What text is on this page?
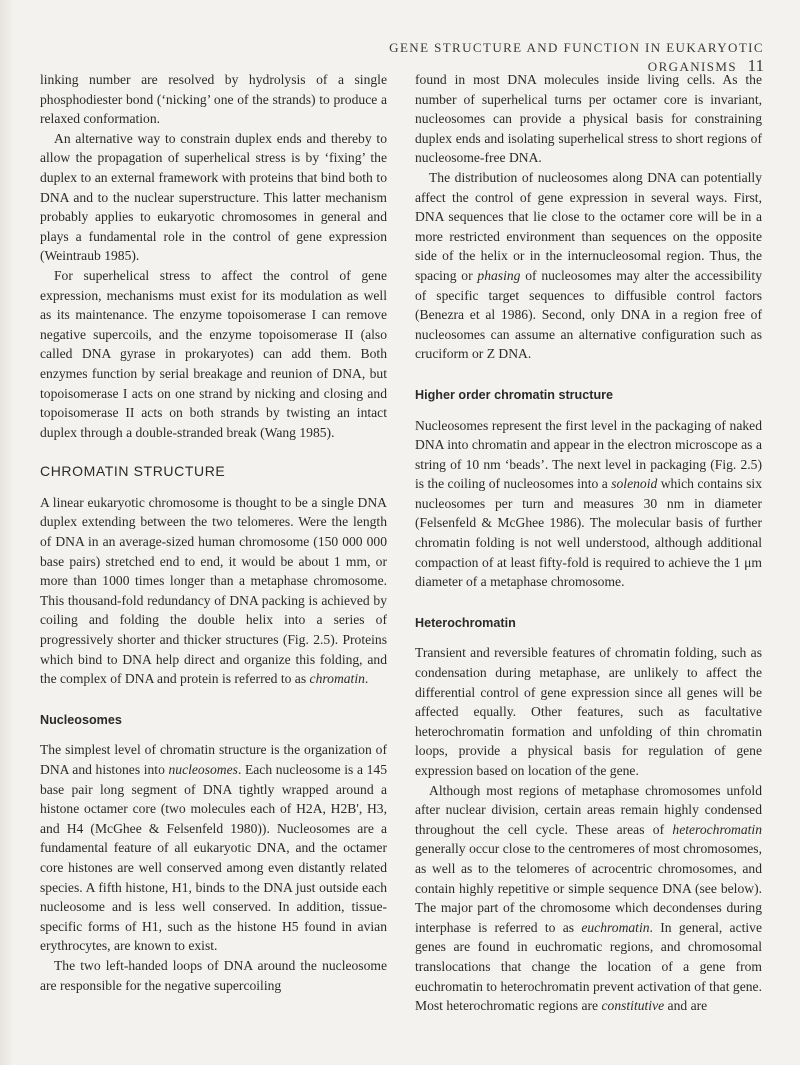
GENE STRUCTURE AND FUNCTION IN EUKARYOTIC ORGANISMS 11

linking number are resolved by hydrolysis of a single phosphodiester bond (‘nicking’ one of the strands) to produce a relaxed conformation.

An alternative way to constrain duplex ends and thereby to allow the propagation of superhelical stress is by ‘fixing’ the duplex to an external framework with proteins that bind both to DNA and to the nuclear superstructure. This latter mechanism probably applies to eukaryotic chromosomes in general and plays a fundamental role in the control of gene expression (Weintraub 1985).

For superhelical stress to affect the control of gene expression, mechanisms must exist for its modulation as well as its maintenance. The enzyme topoisomerase I can remove negative supercoils, and the enzyme topoisomerase II (also called DNA gyrase in prokaryotes) can add them. Both enzymes function by serial breakage and reunion of DNA, but topoisomerase I acts on one strand by nicking and closing and topoisomerase II acts on both strands by twisting an intact duplex through a double-stranded break (Wang 1985).

CHROMATIN STRUCTURE

A linear eukaryotic chromosome is thought to be a single DNA duplex extending between the two telomeres. Were the length of DNA in an average-sized human chromosome (150 000 000 base pairs) stretched end to end, it would be about 1 mm, or more than 1000 times longer than a metaphase chromosome. This thousand-fold redundancy of DNA packing is achieved by coiling and folding the double helix into a series of progressively shorter and thicker structures (Fig. 2.5). Proteins which bind to DNA help direct and organize this folding, and the complex of DNA and protein is referred to as chromatin.

Nucleosomes

The simplest level of chromatin structure is the organization of DNA and histones into nucleosomes. Each nucleosome is a 145 base pair long segment of DNA tightly wrapped around a histone octamer core (two molecules each of H2A, H2B', H3, and H4 (McGhee & Felsenfeld 1980)). Nucleosomes are a fundamental feature of all eukaryotic DNA, and the octamer core histones are well conserved among even distantly related species. A fifth histone, H1, binds to the DNA just outside each nucleosome and is less well conserved. In addition, tissue-specific forms of H1, such as the histone H5 found in avian erythrocytes, are known to exist.

The two left-handed loops of DNA around the nucleosome are responsible for the negative supercoiling

found in most DNA molecules inside living cells. As the number of superhelical turns per octamer core is invariant, nucleosomes can provide a physical basis for constraining duplex ends and isolating superhelical stress to short regions of nucleosome-free DNA.

The distribution of nucleosomes along DNA can potentially affect the control of gene expression in several ways. First, DNA sequences that lie close to the octamer core will be in a more restricted environment than sequences on the opposite side of the helix or in the internucleosomal region. Thus, the spacing or phasing of nucleosomes may alter the accessibility of specific target sequences to diffusible control factors (Benezra et al 1986). Second, only DNA in a region free of nucleosomes can assume an alternative configuration such as cruciform or Z DNA.

Higher order chromatin structure

Nucleosomes represent the first level in the packaging of naked DNA into chromatin and appear in the electron microscope as a string of 10 nm ‘beads’. The next level in packaging (Fig. 2.5) is the coiling of nucleosomes into a solenoid which contains six nucleosomes per turn and measures 30 nm in diameter (Felsenfeld & McGhee 1986). The molecular basis of further chromatin folding is not well understood, although additional compaction of at least fifty-fold is required to achieve the 1 μm diameter of a metaphase chromosome.

Heterochromatin

Transient and reversible features of chromatin folding, such as condensation during metaphase, are unlikely to affect the differential control of gene expression since all genes will be affected equally. Other features, such as facultative heterochromatin formation and unfolding of thin chromatin loops, provide a physical basis for regulation of gene expression based on location of the gene.

Although most regions of metaphase chromosomes unfold after nuclear division, certain areas remain highly condensed throughout the cell cycle. These areas of heterochromatin generally occur close to the centromeres of most chromosomes, as well as to the telomeres of acrocentric chromosomes, and contain highly repetitive or simple sequence DNA (see below). The major part of the chromosome which decondenses during interphase is referred to as euchromatin. In general, active genes are found in euchromatic regions, and chromosomal translocations that change the location of a gene from euchromatin to heterochromatin prevent activation of that gene. Most heterochromatic regions are constitutive and are
